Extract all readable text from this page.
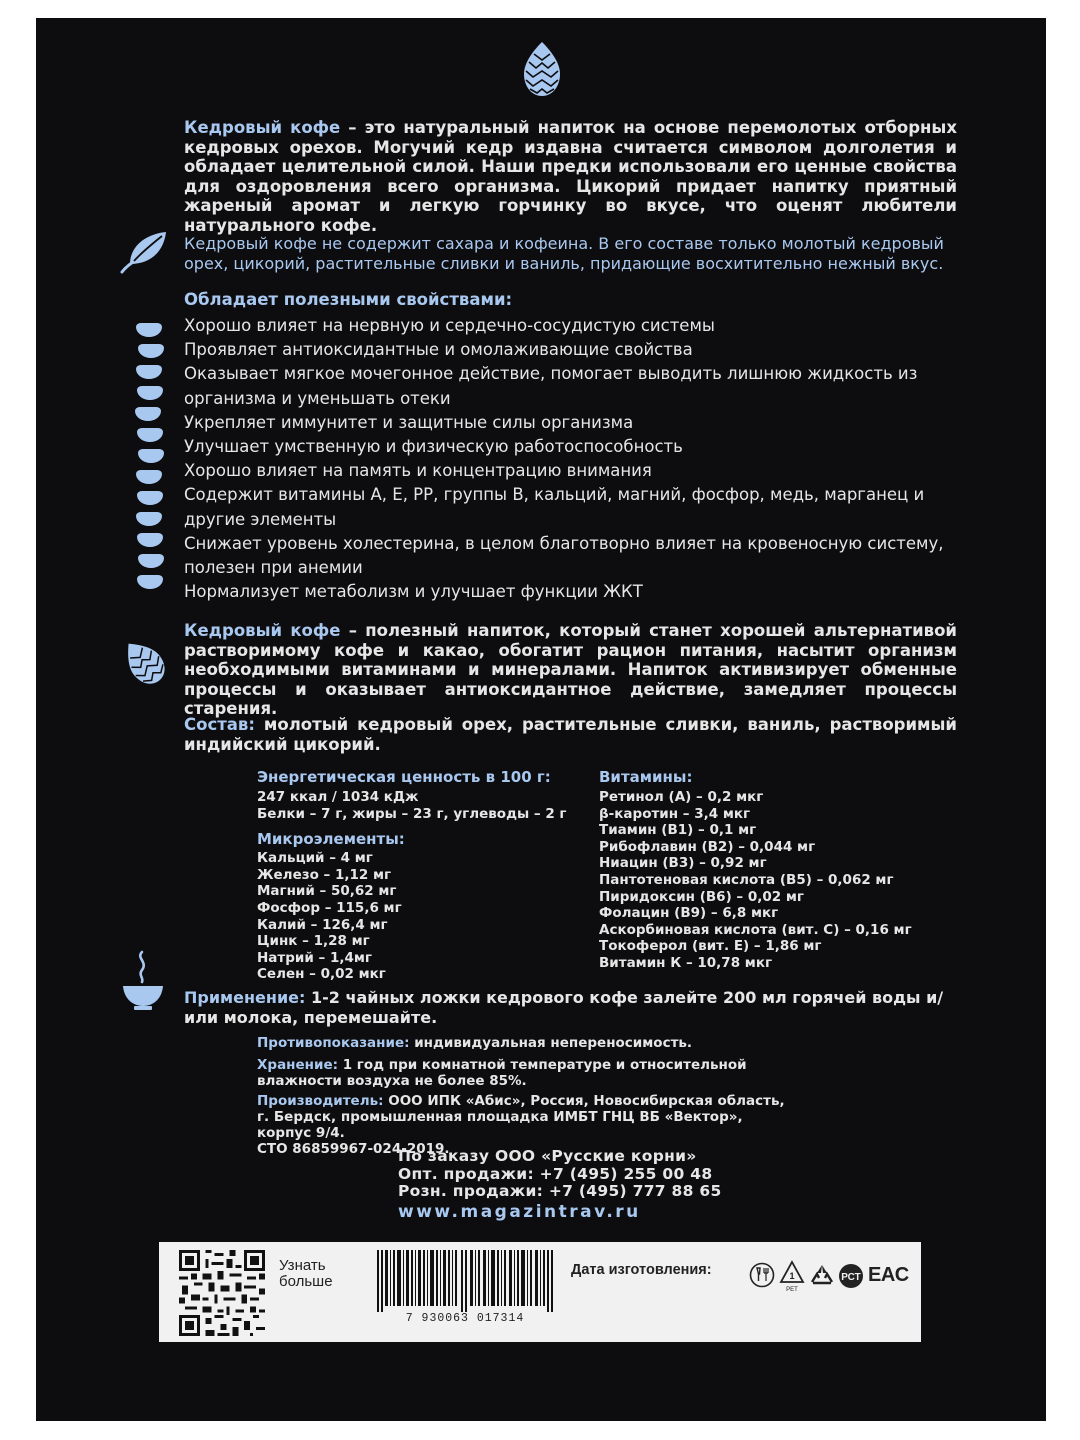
Кедровый кофе – это натуральный напиток на основе перемолотых отборных кедровых орехов. Могучий кедр издавна считается символом долголетия и обладает целительной силой. Наши предки использовали его ценные свойства для оздоровления всего организма. Цикорий придает напитку приятный жареный аромат и легкую горчинку во вкусе, что оценят любители натурального кофе.

Кедровый кофе не содержит сахара и кофеина. В его составе только молотый кедровый орех, цикорий, растительные сливки и ваниль, придающие восхитительно нежный вкус.

Обладает полезными свойствами:
Хорошо влияет на нервную и сердечно-сосудистую системы
Проявляет антиоксидантные и омолаживающие свойства
Оказывает мягкое мочегонное действие, помогает выводить лишнюю жидкость из организма и уменьшать отеки
Укрепляет иммунитет и защитные силы организма
Улучшает умственную и физическую работоспособность
Хорошо влияет на память и концентрацию внимания
Содержит витамины А, Е, РР, группы В, кальций, магний, фосфор, медь, марганец и другие элементы
Снижает уровень холестерина, в целом благотворно влияет на кровеносную систему, полезен при анемии
Нормализует метаболизм и улучшает функции ЖКТ

Кедровый кофе – полезный напиток, который станет хорошей альтернативой растворимому кофе и какао, обогатит рацион питания, насытит организм необходимыми витаминами и минералами. Напиток активизирует обменные процессы и оказывает антиоксидантное действие, замедляет процессы старения.

Состав: молотый кедровый орех, растительные сливки, ваниль, растворимый индийский цикорий.

Энергетическая ценность в 100 г:
247 ккал / 1034 кДж
Белки – 7 г, жиры – 23 г, углеводы – 2 г
Микроэлементы:
Кальций – 4 мг
Железо – 1,12 мг
Магний – 50,62 мг
Фосфор – 115,6 мг
Калий – 126,4 мг
Цинк – 1,28 мг
Натрий – 1,4мг
Селен – 0,02 мкг
Витамины:
Ретинол (А) – 0,2 мкг
β-каротин – 3,4 мкг
Тиамин (В1) – 0,1 мг
Рибофлавин (В2) – 0,044 мг
Ниацин (В3) – 0,92 мг
Пантотеновая кислота (В5) – 0,062 мг
Пиридоксин (В6) – 0,02 мг
Фолацин (В9) – 6,8 мкг
Аскорбиновая кислота (вит. С) – 0,16 мг
Токоферол (вит. Е) – 1,86 мг
Витамин К – 10,78 мкг

Применение: 1-2 чайных ложки кедрового кофе залейте 200 мл горячей воды и/или молока, перемешайте.

Противопоказание: индивидуальная непереносимость.

Хранение: 1 год при комнатной температуре и относительной влажности воздуха не более 85%.

Производитель: ООО ИПК «Абис», Россия, Новосибирская область, г. Бердск, промышленная площадка ИМБТ ГНЦ ВБ «Вектор», корпус 9/4.
СТО 86859967-024-2019.

По заказу ООО «Русские корни»
Опт. продажи: +7 (495) 255 00 48
Розн. продажи: +7 (495) 777 88 65
www.magazintrav.ru
Узнать больше
7 930063 017314
Дата изготовления:	1
PET
РСТ EAC
